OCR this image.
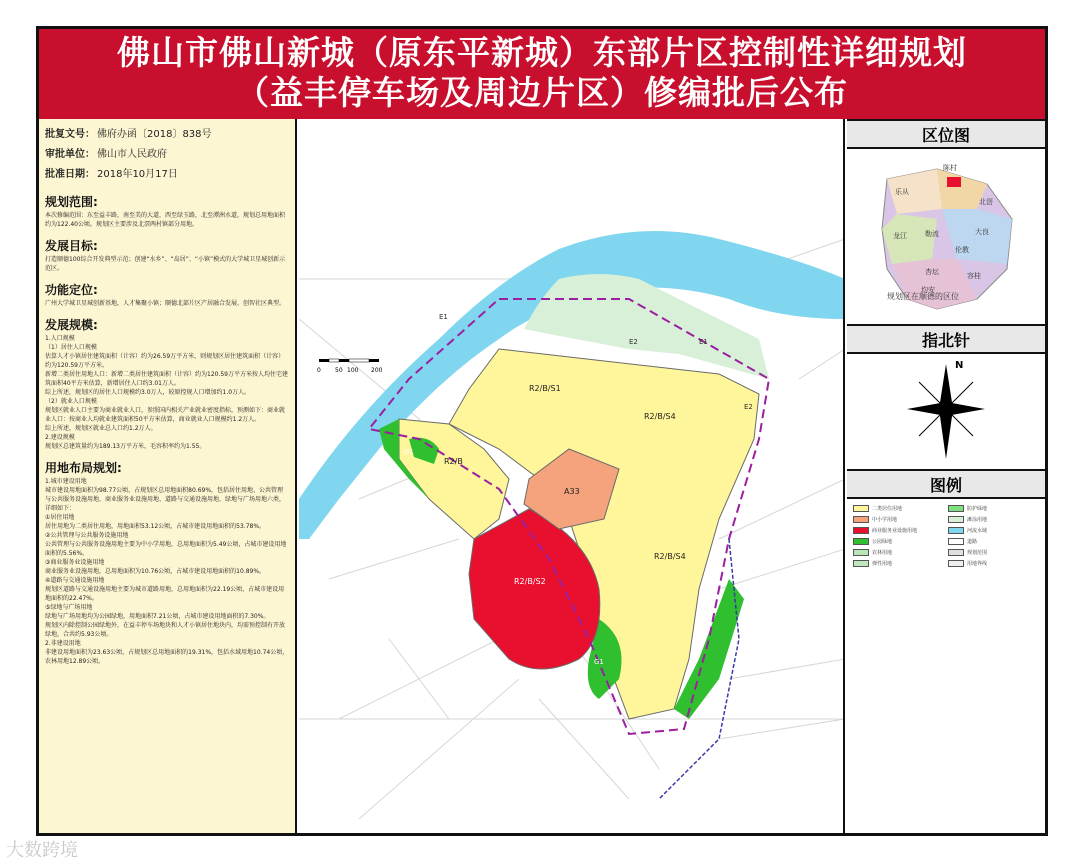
佛山市佛山新城（原东平新城）东部片区控制性详细规划
（益丰停车场及周边片区）修编批后公布
批复文号： 佛府办函〔2018〕838号
审批单位： 佛山市人民政府
批准日期： 2018年10月17日
规划范围:
本次修编范围：东至益丰路，南至美的大道，西至绿玉路，北至潭洲水道，规划总用地面积约为122.40公顷。规划区主要涉及北滘两村镇部分用地。
发展目标:
打造顺德100综合开发典型示范；创建“水乡”、“岛居”、“小镇”模式的大学城卫星城创新示范区。
功能定位:
广州大学城卫星城创新基地，人才集聚小镇；顺德北部片区产居融合发展、创智社区典型。
发展规模:

1.人口规模

（1）居住人口规模

估算人才小镇居住建筑面积（计容）约为26.59万平方米，则规划区居住建筑面积（计容）约为120.59万平方米。

新增二类居住用地人口：新增二类居住建筑面积（计容）约为120.59万平方米按人均住宅建筑面积40平方米估算，新增居住人口约3.01万人。

综上所述，规划区的居住人口规模约3.0万人，较原控规人口增加约1.0万人。

（2）就业人口规模

规划区就业人口主要为商业就业人口，参照国内相关产业就业密度指标，预测如下：商业就业人口：按商业人均就业建筑面积50平方米估算，商业就业人口规模约1.2万人。

综上所述，规划区就业总人口约1.2万人。

2.建设规模

规划区总建筑量约为189.13万平方米，毛容积率约为1.55。

用地布局规划:

1.城市建设用地

城市建设用地面积为98.77公顷，占规划区总用地面积80.69%，包括居住用地、公共管理与公共服务设施用地、商业服务业设施用地、道路与交通设施用地、绿地与广场用地六类，详细如下：

①居住用地

居住用地为二类居住用地，用地面积53.12公顷，占城市建设用地面积的53.78%。

②公共管理与公共服务设施用地

公共管理与公共服务设施用地主要为中小学用地，总用地面积为5.49公顷，占城市建设用地面积的5.56%。

③商业服务业设施用地

商业服务业设施用地，总用地面积为10.76公顷，占城市建设用地面积的10.89%。

④道路与交通设施用地

规划区道路与交通设施用地主要为城市道路用地，总用地面积为22.19公顷，占城市建设用地面积的22.47%。

⑤绿地与广场用地

绿地与广场用地均为公园绿地，用地面积7.21公顷，占城市建设用地面积的7.30%。

规划区内除控制公园绿地外，在益丰停车场地块和人才小镇居住地块内，均需预控制有开放绿地，合共约5.93公顷。

2.非建设用地

非建设用地面积为23.63公顷，占规划区总用地面积的19.31%，包括水域用地10.74公顷，农林用地12.89公顷。

0 50 100 200
R2/B/S1
R2/B/S4
R2/B
A33
R2/B/S2
R2/B/S4
G1
G1
E2	E1
E2
E1
区位图
规划区在顺德的区位
陈村
乐从
北滘
龙江	勒流
伦教
大良
杏坛
均安
容桂
指北针
N
图例
二类居住用地	防护绿地
中小学用地	滩涂用地
商业服务业设施用地	河流水域
公园绿地	道路
农林用地	规划范围
弹性用地	用地界线
大数跨境
